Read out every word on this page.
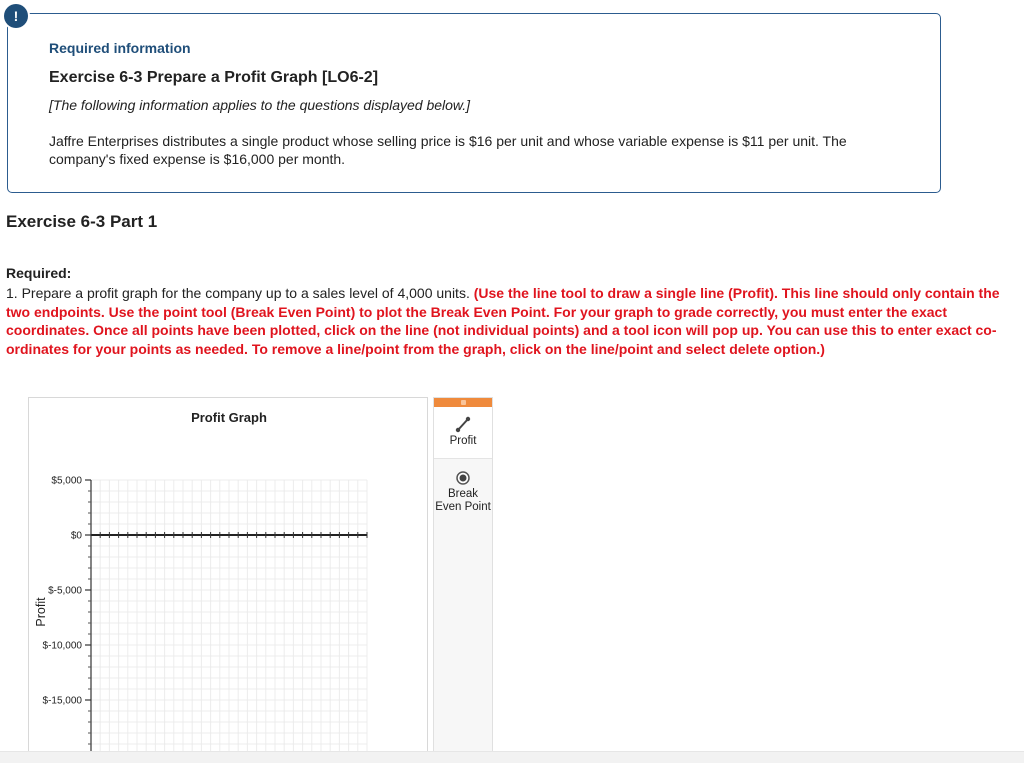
!
Required information
Exercise 6-3 Prepare a Profit Graph [LO6-2]
[The following information applies to the questions displayed below.]
Jaffre Enterprises distributes a single product whose selling price is $16 per unit and whose variable expense is $11 per unit. The company's fixed expense is $16,000 per month.
Exercise 6-3 Part 1
Required:
1. Prepare a profit graph for the company up to a sales level of 4,000 units. (Use the line tool to draw a single line (Profit). This line should only contain the two endpoints. Use the point tool (Break Even Point) to plot the Break Even Point. For your graph to grade correctly, you must enter the exact coordinates. Once all points have been plotted, click on the line (not individual points) and a tool icon will pop up. You can use this to enter exact co-ordinates for your points as needed. To remove a line/point from the graph, click on the line/point and select delete option.)
Profit Graph
$5,000
$0
$-5,000
$-10,000
$-15,000
Profit
Profit
Break Even Point
